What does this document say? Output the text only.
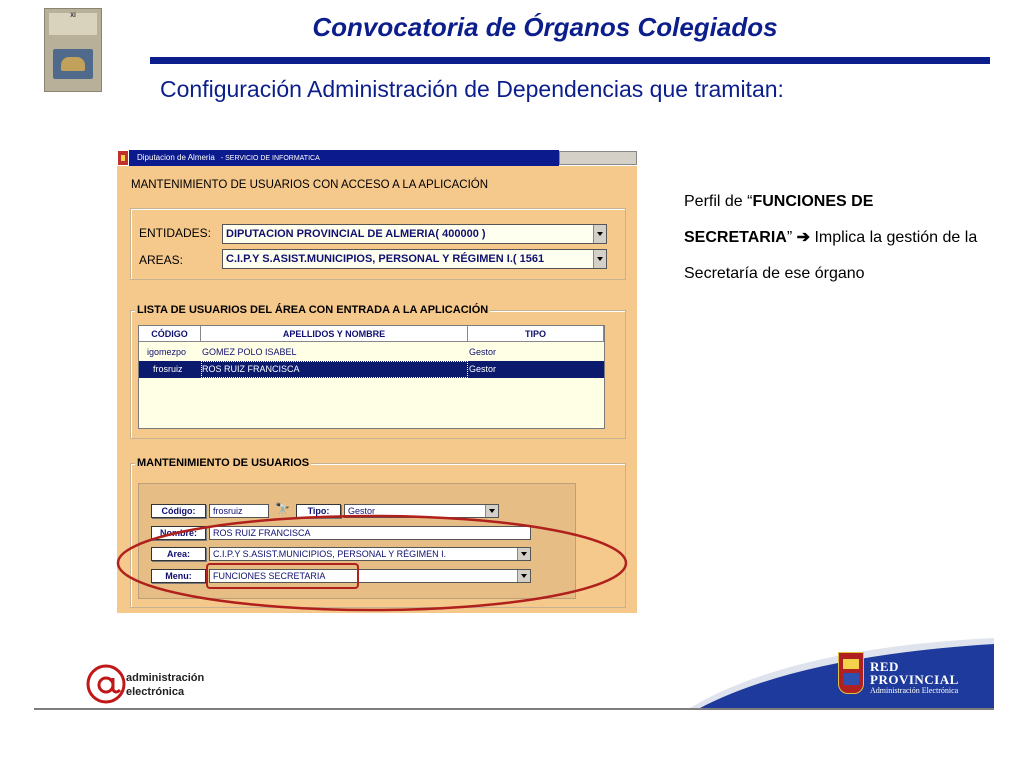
XI	Convocatoria de Órganos Colegiados
Configuración Administración de Dependencias que tramitan:
Diputacion de Almeria - SERVICIO DE INFORMATICA
MANTENIMIENTO DE USUARIOS CON ACCESO A LA APLICACIÓN
ENTIDADES:	DIPUTACION PROVINCIAL DE ALMERIA( 400000 )
AREAS:	C.I.P.Y S.ASIST.MUNICIPIOS, PERSONAL Y RÉGIMEN I.( 1561
LISTA DE USUARIOS DEL ÁREA CON ENTRADA A LA APLICACIÓN
CÓDIGO	APELLIDOS Y NOMBRE	TIPO
igomezpo GOMEZ POLO ISABEL	Gestor
frosruiz ROS RUIZ FRANCISCA	Gestor
MANTENIMIENTO DE USUARIOS
Código:	frosruiz	🔭	Tipo:	Gestor
Nombre:	ROS RUIZ FRANCISCA
Area:	C.I.P.Y S.ASIST.MUNICIPIOS, PERSONAL Y RÉGIMEN I.
Menu:	FUNCIONES SECRETARIA
Perfil de “FUNCIONES DE SECRETARIA” ➔ Implica la gestión de la Secretaría de ese órgano
administración
electrónica
RED
PROVINCIAL
Administración Electrónica
